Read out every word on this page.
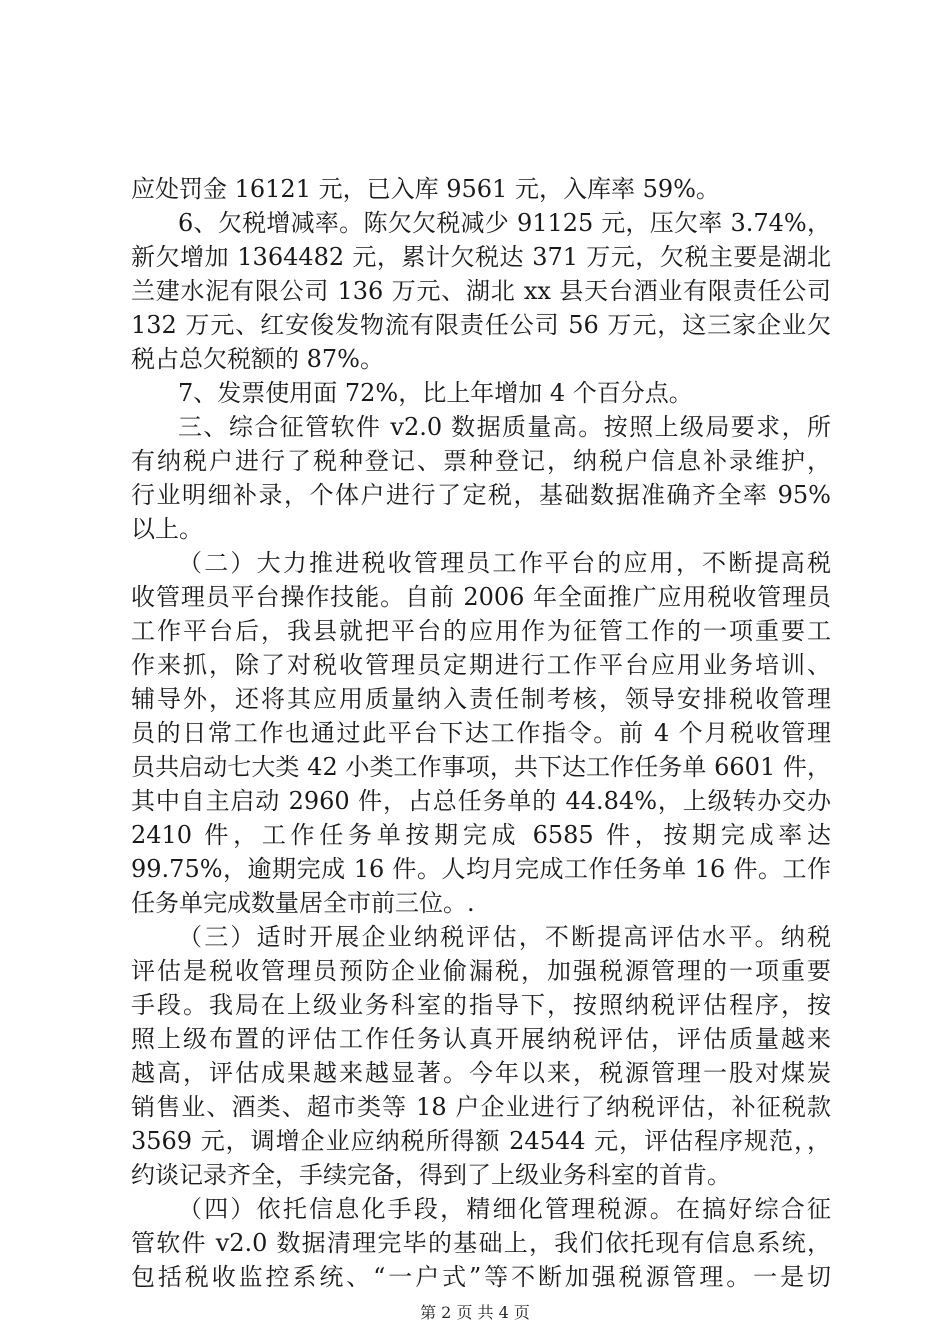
应处罚金 16121 元，已入库 9561 元，入库率 59%。
6、欠税增减率。陈欠欠税减少 91125 元，压欠率 3.74%，
新欠增加 1364482 元，累计欠税达 371 万元，欠税主要是湖北
兰建水泥有限公司 136 万元、湖北 xx 县天台酒业有限责任公司
132 万元、红安俊发物流有限责任公司 56 万元，这三家企业欠
税占总欠税额的 87%。
7、发票使用面 72%，比上年增加 4 个百分点。
三、综合征管软件 v2.0 数据质量高。按照上级局要求，所
有纳税户进行了税种登记、票种登记，纳税户信息补录维护，
行业明细补录，个体户进行了定税，基础数据准确齐全率 95%
以上。
（二）大力推进税收管理员工作平台的应用，不断提高税
收管理员平台操作技能。自前 2006 年全面推广应用税收管理员
工作平台后，我县就把平台的应用作为征管工作的一项重要工
作来抓，除了对税收管理员定期进行工作平台应用业务培训、
辅导外，还将其应用质量纳入责任制考核，领导安排税收管理
员的日常工作也通过此平台下达工作指令。前 4 个月税收管理
员共启动七大类 42 小类工作事项，共下达工作任务单 6601 件，
其中自主启动 2960 件，占总任务单的 44.84%，上级转办交办
2410 件，工作任务单按期完成 6585 件，按期完成率达
99.75%，逾期完成 16 件。人均月完成工作任务单 16 件。工作
任务单完成数量居全市前三位。.
（三）适时开展企业纳税评估，不断提高评估水平。纳税
评估是税收管理员预防企业偷漏税，加强税源管理的一项重要
手段。我局在上级业务科室的指导下，按照纳税评估程序，按
照上级布置的评估工作任务认真开展纳税评估，评估质量越来
越高，评估成果越来越显著。今年以来，税源管理一股对煤炭
销售业、酒类、超市类等 18 户企业进行了纳税评估，补征税款
3569 元，调增企业应纳税所得额 24544 元，评估程序规范，，
约谈记录齐全，手续完备，得到了上级业务科室的首肯。
（四）依托信息化手段，精细化管理税源。在搞好综合征
管软件 v2.0 数据清理完毕的基础上，我们依托现有信息系统，
包括税收监控系统、“一户式”等不断加强税源管理。一是切
第 2 页 共 4 页
